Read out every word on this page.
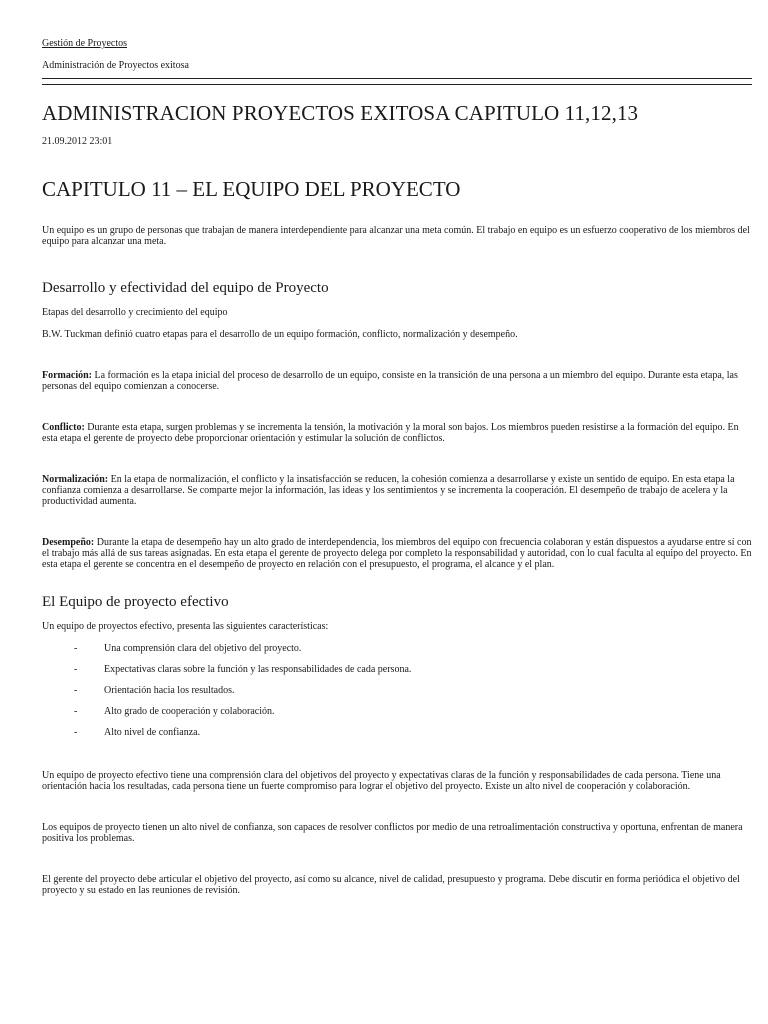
Gestión de Proyectos

Administración de Proyectos exitosa

ADMINISTRACION PROYECTOS EXITOSA CAPITULO 11,12,13

21.09.2012 23:01

CAPITULO 11 – EL EQUIPO DEL PROYECTO

Un equipo es un grupo de personas que trabajan de manera interdependiente para alcanzar una meta común. El trabajo en equipo es un esfuerzo cooperativo de los miembros del equipo para alcanzar una meta.

Desarrollo y efectividad del equipo de Proyecto

Etapas del desarrollo y crecimiento del equipo

B.W. Tuckman definió cuatro etapas para el desarrollo de un equipo formación, conflicto, normalización y desempeño.

Formación: La formación es la etapa inicial del proceso de desarrollo de un equipo, consiste en la transición de una persona a un miembro del equipo. Durante esta etapa, las personas del equipo comienzan a conocerse.

Conflicto: Durante esta etapa, surgen problemas y se incrementa la tensión, la motivación y la moral son bajos. Los miembros pueden resistirse a la formación del equipo. En esta etapa el gerente de proyecto debe proporcionar orientación y estimular la solución de conflictos.

Normalización: En la etapa de normalización, el conflicto y la insatisfacción se reducen, la cohesión comienza a desarrollarse y existe un sentido de equipo. En esta etapa la confianza comienza a desarrollarse. Se comparte mejor la información, las ideas y los sentimientos y se incrementa la cooperación. El desempeño de trabajo de acelera y la productividad aumenta.

Desempeño: Durante la etapa de desempeño hay un alto grado de interdependencia, los miembros del equipo con frecuencia colaboran y están dispuestos a ayudarse entre sí con el trabajo más allá de sus tareas asignadas. En esta etapa el gerente de proyecto delega por completo la responsabilidad y autoridad, con lo cual faculta al equipo del proyecto. En esta etapa el gerente se concentra en el desempeño de proyecto en relación con el presupuesto, el programa, el alcance y el plan.

El Equipo de proyecto efectivo

Un equipo de proyectos efectivo, presenta las siguientes características:

-	Una comprensión clara del objetivo del proyecto.
-	Expectativas claras sobre la función y las responsabilidades de cada persona.
-	Orientación hacia los resultados.
-	Alto grado de cooperación y colaboración.
-	Alto nivel de confianza.

Un equipo de proyecto efectivo tiene una comprensión clara del objetivos del proyecto y expectativas claras de la función y responsabilidades de cada persona. Tiene una orientación hacia los resultadas, cada persona tiene un fuerte compromiso para lograr el objetivo del proyecto. Existe un alto nivel de cooperación y colaboración.

Los equipos de proyecto tienen un alto nivel de confianza, son capaces de resolver conflictos por medio de una retroalimentación constructiva y oportuna, enfrentan de manera positiva los problemas.

El gerente del proyecto debe articular el objetivo del proyecto, así como su alcance, nivel de calidad, presupuesto y programa. Debe discutir en forma periódica el objetivo del proyecto y su estado en las reuniones de revisión.
